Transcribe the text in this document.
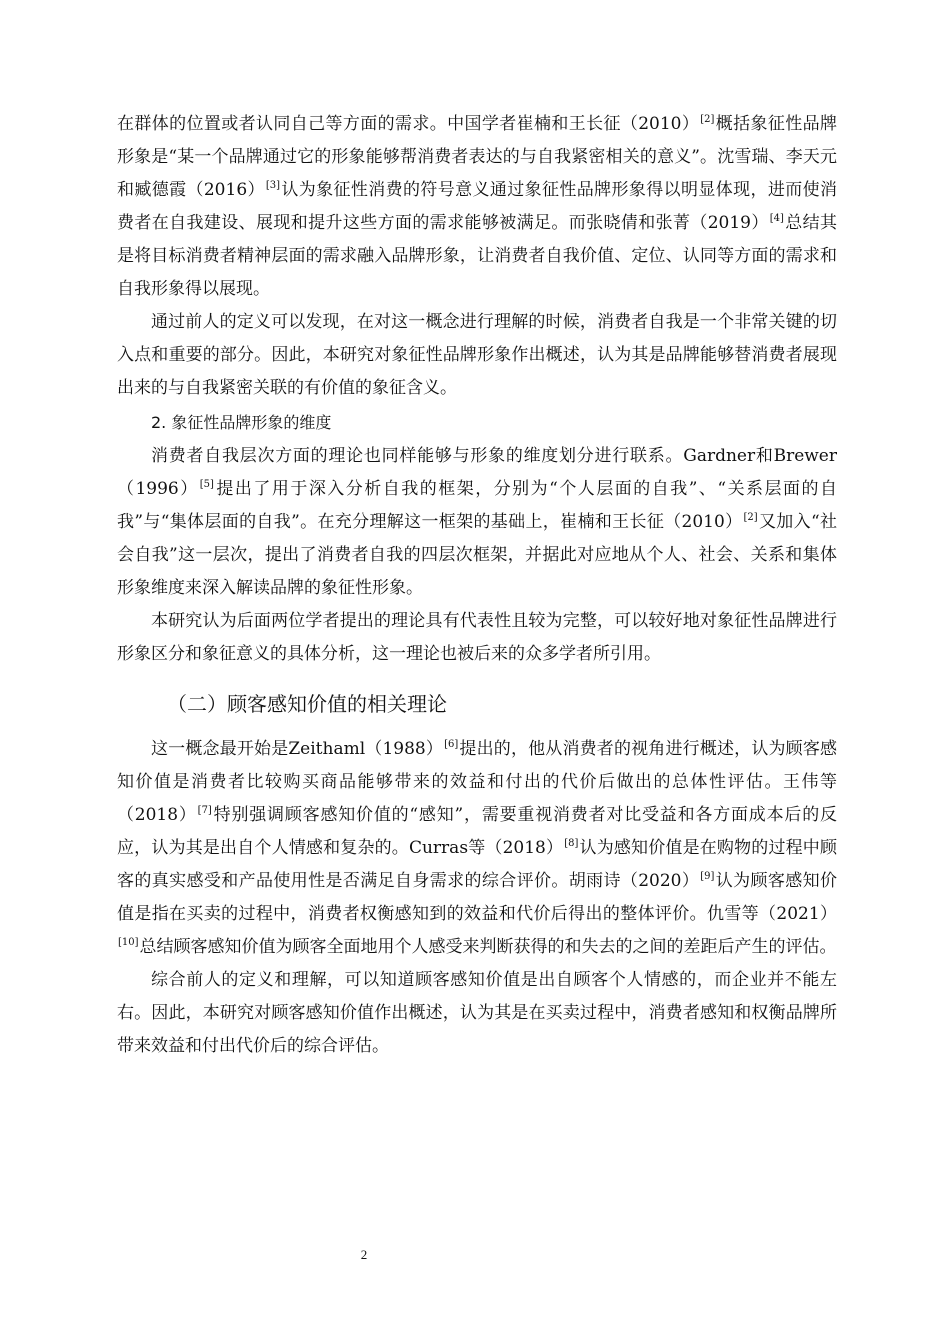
在群体的位置或者认同自己等方面的需求。中国学者崔楠和王长征（2010）[2]概括象征性品牌形象是“某一个品牌通过它的形象能够帮消费者表达的与自我紧密相关的意义”。沈雪瑞、李天元和臧德霞（2016）[3]认为象征性消费的符号意义通过象征性品牌形象得以明显体现，进而使消费者在自我建设、展现和提升这些方面的需求能够被满足。而张晓倩和张菁（2019）[4]总结其是将目标消费者精神层面的需求融入品牌形象，让消费者自我价值、定位、认同等方面的需求和自我形象得以展现。

通过前人的定义可以发现，在对这一概念进行理解的时候，消费者自我是一个非常关键的切入点和重要的部分。因此，本研究对象征性品牌形象作出概述，认为其是品牌能够替消费者展现出来的与自我紧密关联的有价值的象征含义。

2. 象征性品牌形象的维度

消费者自我层次方面的理论也同样能够与形象的维度划分进行联系。Gardner和Brewer（1996）[5]提出了用于深入分析自我的框架，分别为“个人层面的自我”、“关系层面的自我”与“集体层面的自我”。在充分理解这一框架的基础上，崔楠和王长征（2010）[2]又加入“社会自我”这一层次，提出了消费者自我的四层次框架，并据此对应地从个人、社会、关系和集体形象维度来深入解读品牌的象征性形象。

本研究认为后面两位学者提出的理论具有代表性且较为完整，可以较好地对象征性品牌进行形象区分和象征意义的具体分析，这一理论也被后来的众多学者所引用。

（二）顾客感知价值的相关理论

这一概念最开始是Zeithaml（1988）[6]提出的，他从消费者的视角进行概述，认为顾客感知价值是消费者比较购买商品能够带来的效益和付出的代价后做出的总体性评估。王伟等（2018）[7]特别强调顾客感知价值的“感知”，需要重视消费者对比受益和各方面成本后的反应，认为其是出自个人情感和复杂的。Curras等（2018）[8]认为感知价值是在购物的过程中顾客的真实感受和产品使用性是否满足自身需求的综合评价。胡雨诗（2020）[9]认为顾客感知价值是指在买卖的过程中，消费者权衡感知到的效益和代价后得出的整体评价。仇雪等（2021）[10]总结顾客感知价值为顾客全面地用个人感受来判断获得的和失去的之间的差距后产生的评估。

综合前人的定义和理解，可以知道顾客感知价值是出自顾客个人情感的，而企业并不能左右。因此，本研究对顾客感知价值作出概述，认为其是在买卖过程中，消费者感知和权衡品牌所带来效益和付出代价后的综合评估。

2
